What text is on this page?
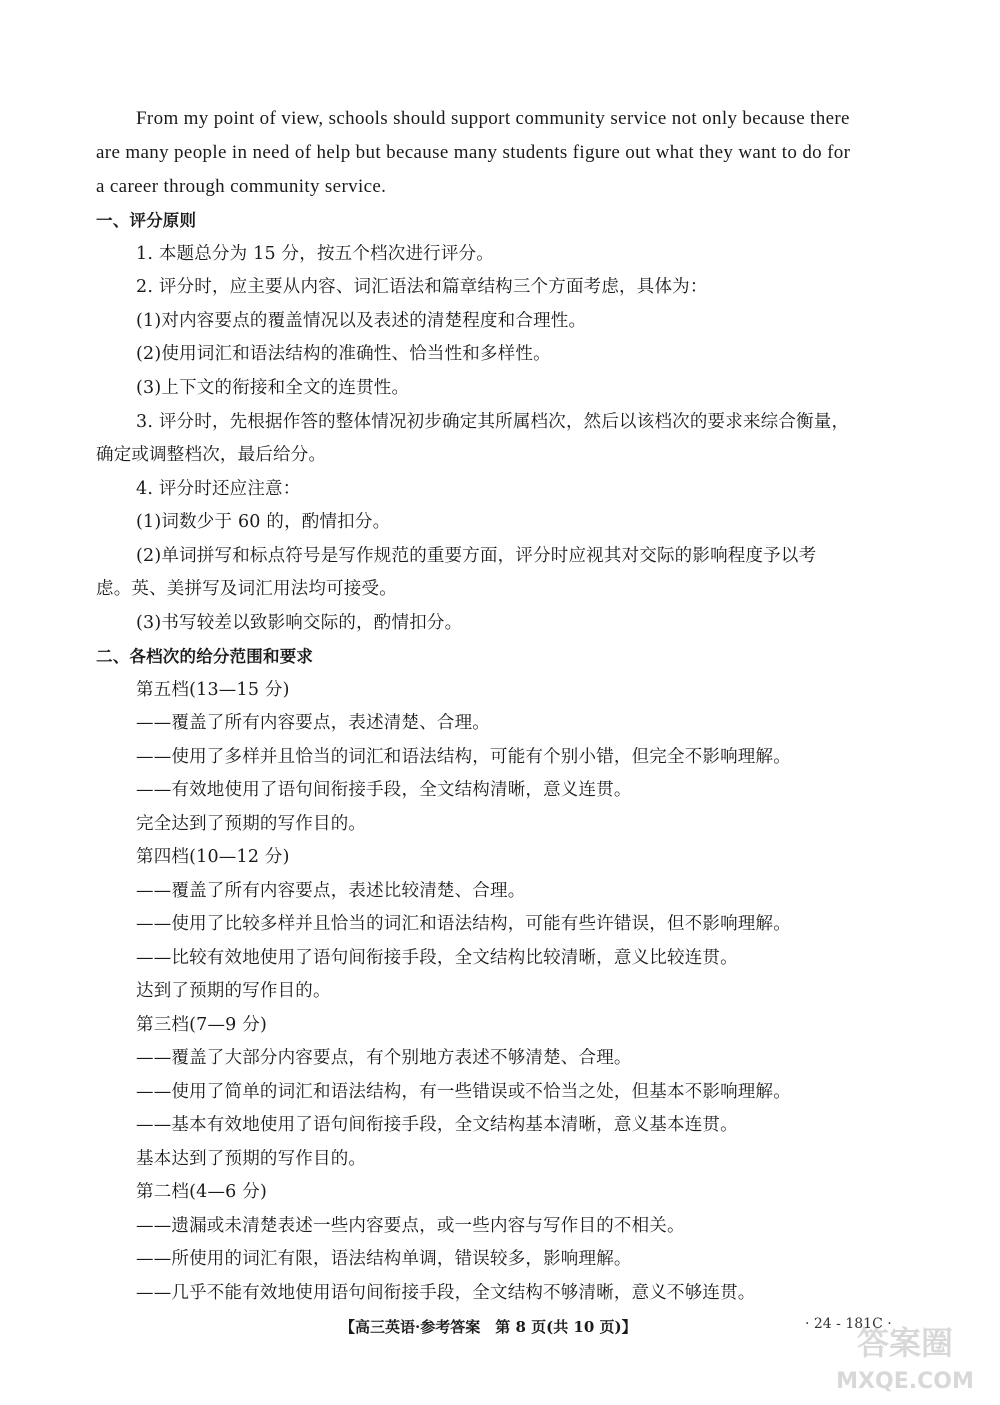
From my point of view, schools should support community service not only because there
are many people in need of help but because many students figure out what they want to do for
a career through community service.
一、评分原则
1. 本题总分为 15 分，按五个档次进行评分。
2. 评分时，应主要从内容、词汇语法和篇章结构三个方面考虑，具体为：
(1)对内容要点的覆盖情况以及表述的清楚程度和合理性。
(2)使用词汇和语法结构的准确性、恰当性和多样性。
(3)上下文的衔接和全文的连贯性。
3. 评分时，先根据作答的整体情况初步确定其所属档次，然后以该档次的要求来综合衡量，
确定或调整档次，最后给分。
4. 评分时还应注意：
(1)词数少于 60 的，酌情扣分。
(2)单词拼写和标点符号是写作规范的重要方面，评分时应视其对交际的影响程度予以考
虑。英、美拼写及词汇用法均可接受。
(3)书写较差以致影响交际的，酌情扣分。
二、各档次的给分范围和要求
第五档(13—15 分)
——覆盖了所有内容要点，表述清楚、合理。
——使用了多样并且恰当的词汇和语法结构，可能有个别小错，但完全不影响理解。
——有效地使用了语句间衔接手段，全文结构清晰，意义连贯。
完全达到了预期的写作目的。
第四档(10—12 分)
——覆盖了所有内容要点，表述比较清楚、合理。
——使用了比较多样并且恰当的词汇和语法结构，可能有些许错误，但不影响理解。
——比较有效地使用了语句间衔接手段，全文结构比较清晰，意义比较连贯。
达到了预期的写作目的。
第三档(7—9 分)
——覆盖了大部分内容要点，有个别地方表述不够清楚、合理。
——使用了简单的词汇和语法结构，有一些错误或不恰当之处，但基本不影响理解。
——基本有效地使用了语句间衔接手段，全文结构基本清晰，意义基本连贯。
基本达到了预期的写作目的。
第二档(4—6 分)
——遗漏或未清楚表述一些内容要点，或一些内容与写作目的不相关。
——所使用的词汇有限，语法结构单调，错误较多，影响理解。
——几乎不能有效地使用语句间衔接手段，全文结构不够清晰，意义不够连贯。
【高三英语·参考答案　第 8 页(共 10 页)】	· 24 - 181C ·
答案圈
MXQE.COM
